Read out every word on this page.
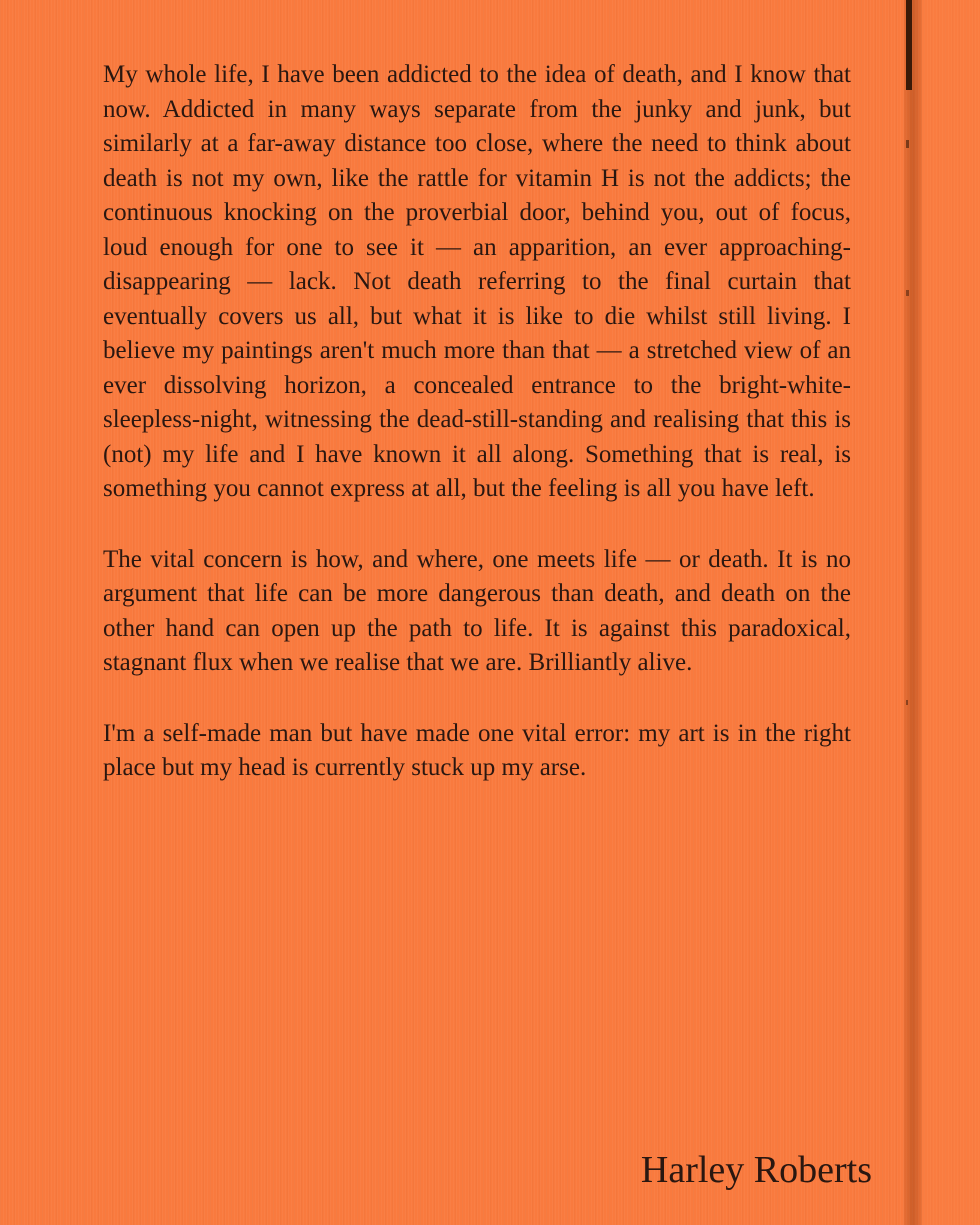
My whole life, I have been addicted to the idea of death, and I know that now. Addicted in many ways separate from the junky and junk, but similarly at a far-away distance too close, where the need to think about death is not my own, like the rattle for vitamin H is not the addicts; the continuous knocking on the proverbial door, behind you, out of focus, loud enough for one to see it — an apparition, an ever approaching-disappearing — lack. Not death referring to the final curtain that eventually covers us all, but what it is like to die whilst still living. I believe my paintings aren't much more than that — a stretched view of an ever dissolving horizon, a concealed entrance to the bright-white-sleepless-night, witnessing the dead-still-standing and realising that this is (not) my life and I have known it all along. Something that is real, is something you cannot express at all, but the feeling is all you have left.

The vital concern is how, and where, one meets life — or death. It is no argument that life can be more dangerous than death, and death on the other hand can open up the path to life. It is against this paradoxical, stagnant flux when we realise that we are. Brilliantly alive.

I'm a self-made man but have made one vital error: my art is in the right place but my head is currently stuck up my arse.

Harley Roberts
